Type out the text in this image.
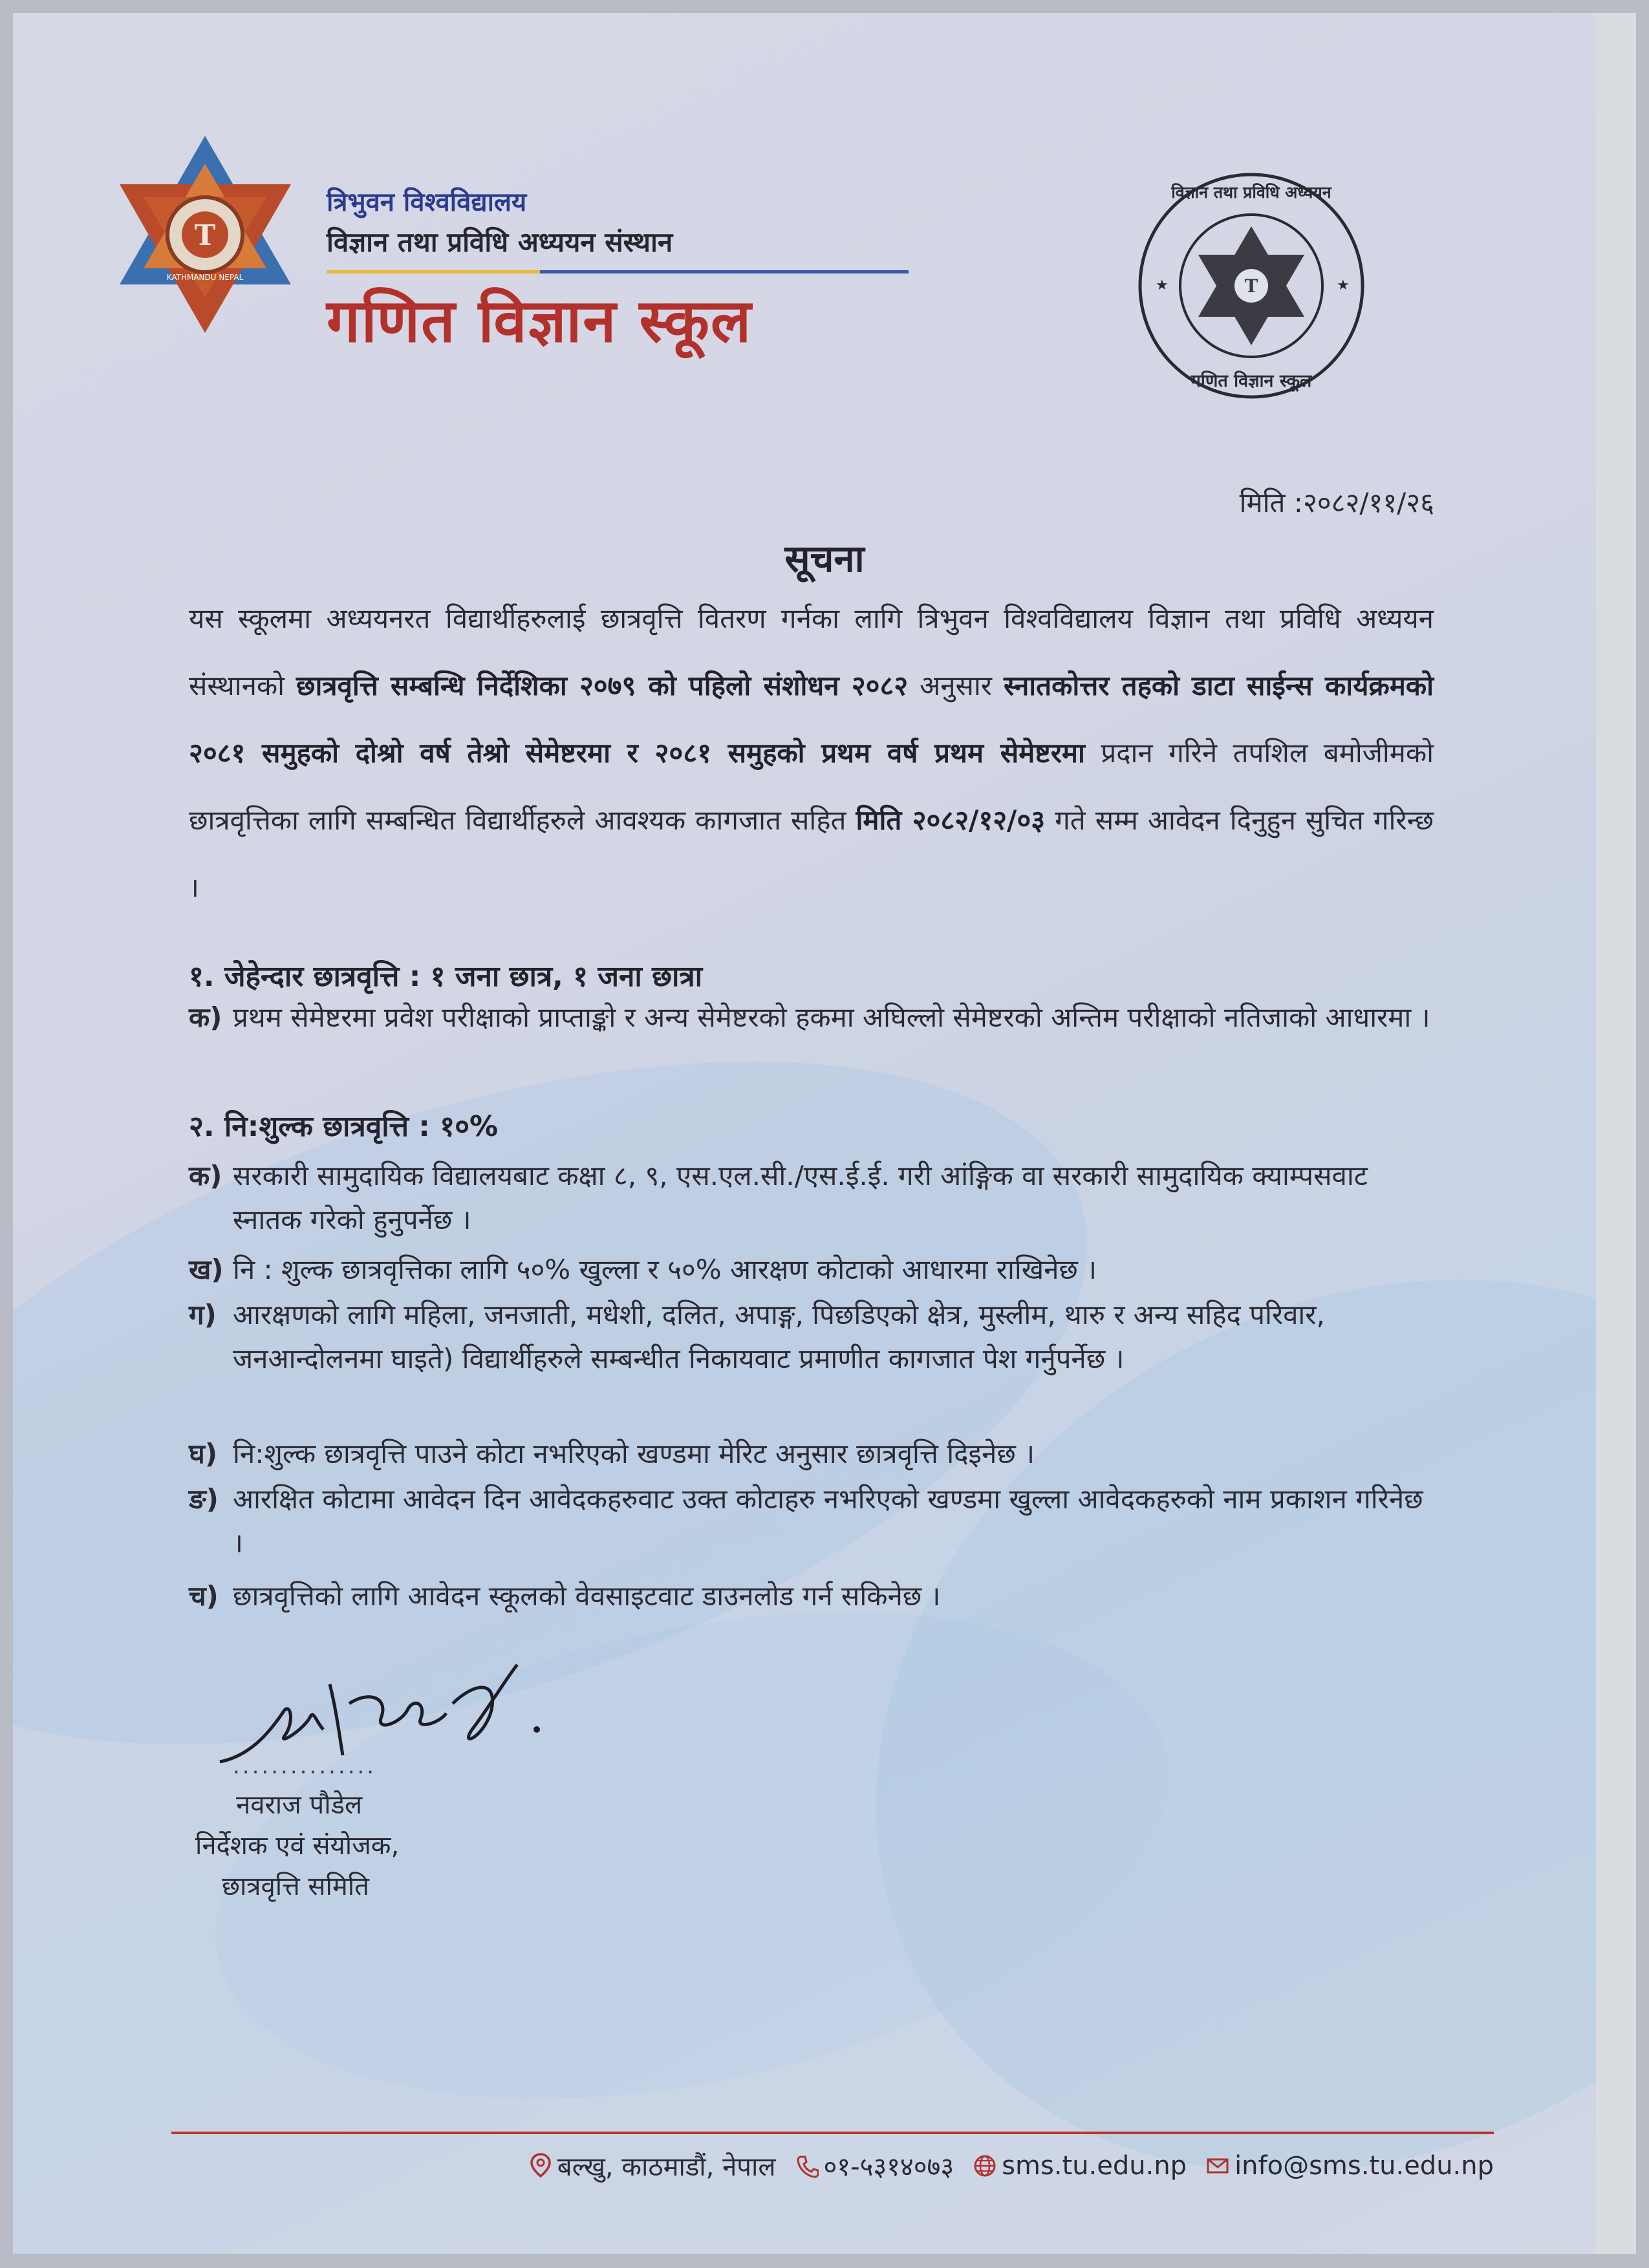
T
KATHMANDU NEPAL
त्रिभुवन विश्वविद्यालय
विज्ञान तथा प्रविधि अध्ययन संस्थान
गणित विज्ञान स्कूल	T
★	★
विज्ञान तथा प्रविधि अध्ययन
गणित विज्ञान स्कूल
मिति :२०८२/११/२६
सूचना
यस स्कूलमा अध्ययनरत विद्यार्थीहरुलाई छात्रवृत्ति वितरण गर्नका लागि त्रिभुवन विश्वविद्यालय विज्ञान तथा प्रविधि अध्ययन संस्थानको छात्रवृत्ति सम्बन्धि निर्देशिका २०७९ को पहिलो संशोधन २०८२ अनुसार स्नातकोत्तर तहको डाटा साईन्स कार्यक्रमको २०८१ समुहको दोश्रो वर्ष तेश्रो सेमेष्टरमा र २०८१ समुहको प्रथम वर्ष प्रथम सेमेष्टरमा प्रदान गरिने तपशिल बमोजीमको छात्रवृत्तिका लागि सम्बन्धित विद्यार्थीहरुले आवश्यक कागजात सहित मिति २०८२/१२/०३ गते सम्म आवेदन दिनुहुन सुचित गरिन्छ ।
१. जेहेन्दार छात्रवृत्ति : १ जना छात्र, १ जना छात्रा
क) प्रथम सेमेष्टरमा प्रवेश परीक्षाको प्राप्ताङ्को र अन्य सेमेष्टरको हकमा अघिल्लो सेमेष्टरको अन्तिम परीक्षाको नतिजाको आधारमा ।
२. नि:शुल्क छात्रवृत्ति : १०%
क) सरकारी सामुदायिक विद्यालयबाट कक्षा ८, ९, एस.एल.सी./एस.ई.ई. गरी आंङ्गिक वा सरकारी सामुदायिक क्याम्पसवाट स्नातक गरेको हुनुपर्नेछ ।
ख) नि : शुल्क छात्रवृत्तिका लागि ५०% खुल्ला र ५०% आरक्षण कोटाको आधारमा राखिनेछ ।
ग) आरक्षणको लागि महिला, जनजाती, मधेशी, दलित, अपाङ्ग, पिछडिएको क्षेत्र, मुस्लीम, थारु र अन्य सहिद परिवार, जनआन्दोलनमा घाइते) विद्यार्थीहरुले सम्बन्धीत निकायवाट प्रमाणीत कागजात पेश गर्नुपर्नेछ ।
घ) नि:शुल्क छात्रवृत्ति पाउने कोटा नभरिएको खण्डमा मेरिट अनुसार छात्रवृत्ति दिइनेछ ।
ङ) आरक्षित कोटामा आवेदन दिन आवेदकहरुवाट उक्त कोटाहरु नभरिएको खण्डमा खुल्ला आवेदकहरुको नाम प्रकाशन गरिनेछ ।
च) छात्रवृत्तिको लागि आवेदन स्कूलको वेवसाइटवाट डाउनलोड गर्न सकिनेछ ।
...............
नवराज पौडेल
निर्देशक एवं संयोजक,
छात्रवृत्ति समिति
बल्खु, काठमाडौं, नेपाल ०१-५३१४०७३ sms.tu.edu.np info@sms.tu.edu.np
